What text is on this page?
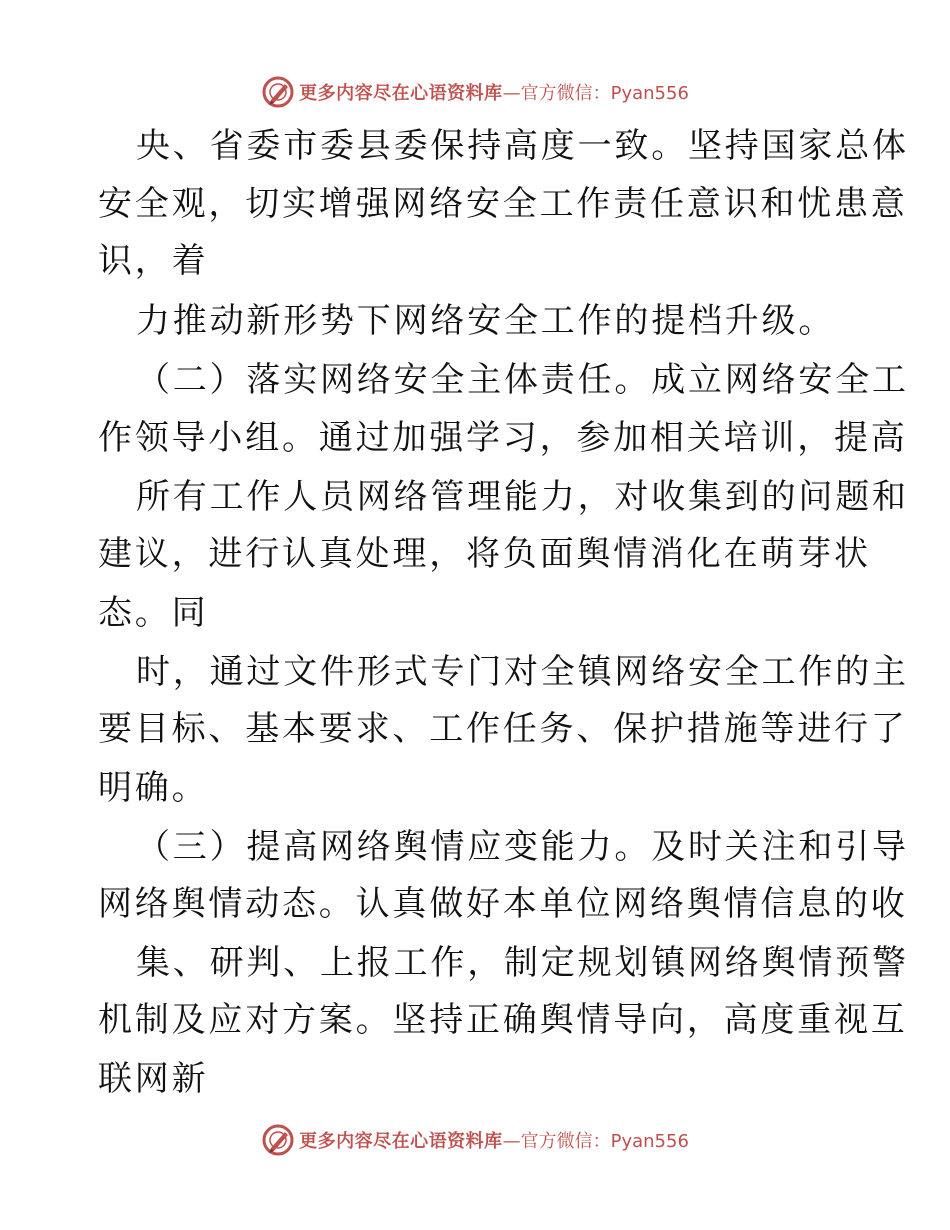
更多内容尽在心语资料库 —官方微信：Pyan556
央、省委市委县委保持高度一致。坚持国家总体
安全观，切实增强网络安全工作责任意识和忧患意
识，着
力推动新形势下网络安全工作的提档升级。
（二）落实网络安全主体责任。成立网络安全工
作领导小组。通过加强学习，参加相关培训，提高
所有工作人员网络管理能力，对收集到的问题和
建议，进行认真处理，将负面舆情消化在萌芽状
态。同
时，通过文件形式专门对全镇网络安全工作的主
要目标、基本要求、工作任务、保护措施等进行了
明确。
（三）提高网络舆情应变能力。及时关注和引导
网络舆情动态。认真做好本单位网络舆情信息的收
集、研判、上报工作，制定规划镇网络舆情预警
机制及应对方案。坚持正确舆情导向，高度重视互
联网新
更多内容尽在心语资料库 —官方微信：Pyan556
